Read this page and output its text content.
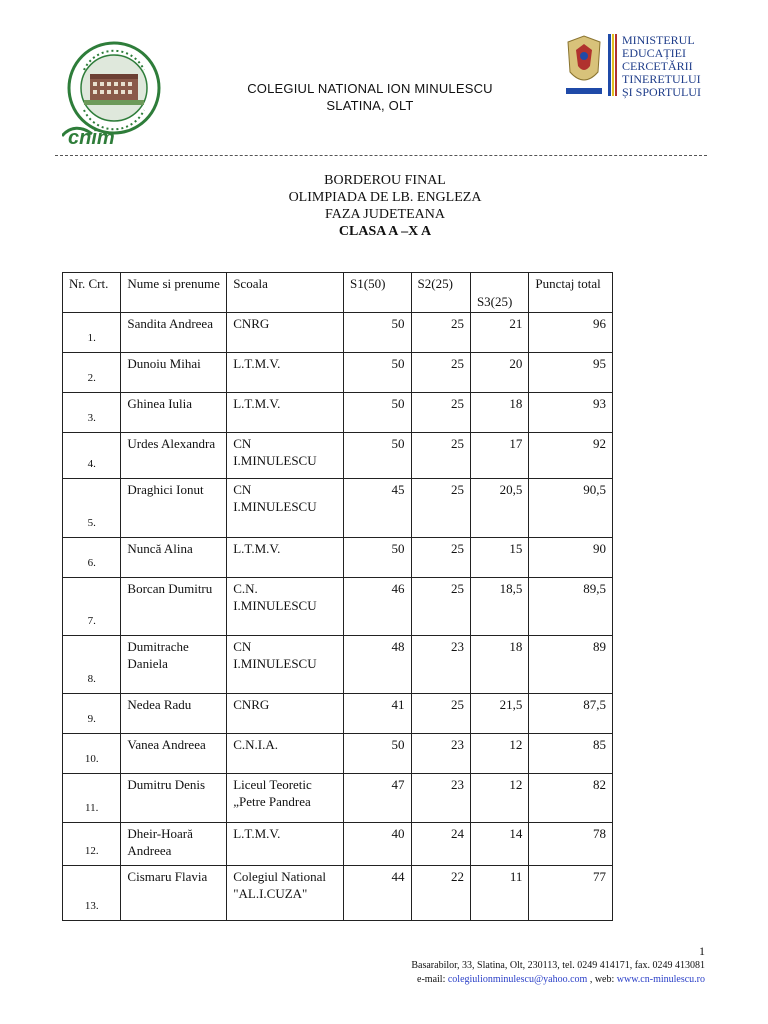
cnim
MINISTERUL
EDUCAȚIEI
CERCETĂRII
TINERETULUI
ȘI SPORTULUI
COLEGIUL NATIONAL ION MINULESCU
SLATINA, OLT
BORDEROU FINAL
OLIMPIADA DE LB. ENGLEZA
FAZA JUDETEANA
CLASA A –X A
Nr. Crt.	Nume si prenume	Scoala	S1(50)	S2(25)	S3(25)	Punctaj total
1.	Sandita Andreea	CNRG	50	25	21	96
2.	Dunoiu Mihai	L.T.M.V.	50	25	20	95
3.	Ghinea Iulia	L.T.M.V.	50	25	18	93
4.	Urdes Alexandra	CN I.MINULESCU	50	25	17	92
5.	Draghici Ionut	CN I.MINULESCU	45	25	20,5	90,5
6.	Nuncă Alina	L.T.M.V.	50	25	15	90
7.	Borcan Dumitru	C.N. I.MINULESCU	46	25	18,5	89,5
8.	Dumitrache Daniela	CN I.MINULESCU	48	23	18	89
9.	Nedea Radu	CNRG	41	25	21,5	87,5
10.	Vanea Andreea	C.N.I.A.	50	23	12	85
11.	Dumitru Denis	Liceul Teoretic „Petre Pandrea	47	23	12	82
12.	Dheir-Hoară Andreea	L.T.M.V.	40	24	14	78
13.	Cismaru Flavia	Colegiul National "AL.I.CUZA"	44	22	11	77
1
Basarabilor, 33, Slatina, Olt, 230113, tel. 0249 414171, fax. 0249 413081
e-mail: colegiulionminulescu@yahoo.com , web: www.cn-minulescu.ro
